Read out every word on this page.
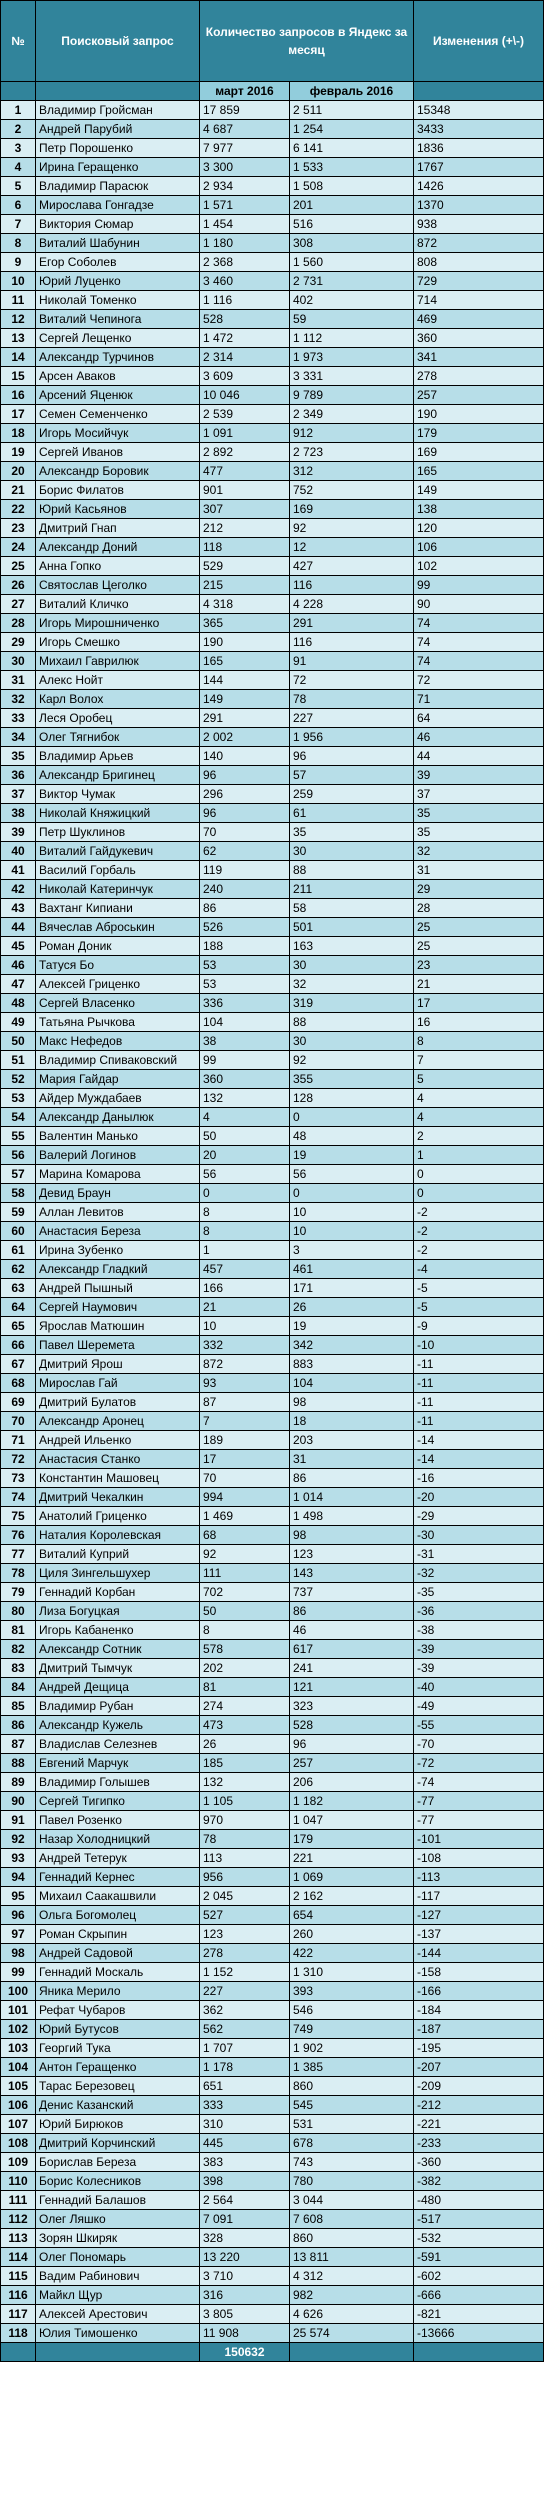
№	Поисковый запрос	Количество запросов в Яндекс за месяц		Изменения (+\-)
		март 2016	февраль 2016	
1	Владимир Гройсман	17 859	2 511	15348
2	Андрей Парубий	4 687	1 254	3433
3	Петр Порошенко	7 977	6 141	1836
4	Ирина Геращенко	3 300	1 533	1767
5	Владимир Парасюк	2 934	1 508	1426
6	Мирослава Гонгадзе	1 571	201	1370
7	Виктория Сюмар	1 454	516	938
8	Виталий Шабунин	1 180	308	872
9	Егор Соболев	2 368	1 560	808
10	Юрий Луценко	3 460	2 731	729
11	Николай Томенко	1 116	402	714
12	Виталий Чепинога	528	59	469
13	Сергей Лещенко	1 472	1 112	360
14	Александр Турчинов	2 314	1 973	341
15	Арсен Аваков	3 609	3 331	278
16	Арсений Яценюк	10 046	9 789	257
17	Семен Семенченко	2 539	2 349	190
18	Игорь Мосийчук	1 091	912	179
19	Сергей Иванов	2 892	2 723	169
20	Александр Боровик	477	312	165
21	Борис Филатов	901	752	149
22	Юрий Касьянов	307	169	138
23	Дмитрий Гнап	212	92	120
24	Александр Доний	118	12	106
25	Анна Гопко	529	427	102
26	Святослав Цеголко	215	116	99
27	Виталий Кличко	4 318	4 228	90
28	Игорь Мирошниченко	365	291	74
29	Игорь Смешко	190	116	74
30	Михаил Гаврилюк	165	91	74
31	Алекс Нойт	144	72	72
32	Карл Волох	149	78	71
33	Леся Оробец	291	227	64
34	Олег Тягнибок	2 002	1 956	46
35	Владимир Арьев	140	96	44
36	Александр Бригинец	96	57	39
37	Виктор Чумак	296	259	37
38	Николай Княжицкий	96	61	35
39	Петр Шуклинов	70	35	35
40	Виталий Гайдукевич	62	30	32
41	Василий Горбаль	119	88	31
42	Николай Катеринчук	240	211	29
43	Вахтанг Кипиани	86	58	28
44	Вячеслав Аброськин	526	501	25
45	Роман Доник	188	163	25
46	Татуся Бо	53	30	23
47	Алексей Гриценко	53	32	21
48	Сергей Власенко	336	319	17
49	Татьяна Рычкова	104	88	16
50	Макс Нефедов	38	30	8
51	Владимир Спиваковский	99	92	7
52	Мария Гайдар	360	355	5
53	Айдер Муждабаев	132	128	4
54	Александр Данылюк	4	0	4
55	Валентин Манько	50	48	2
56	Валерий Логинов	20	19	1
57	Марина Комарова	56	56	0
58	Девид Браун	0	0	0
59	Аллан Левитов	8	10	-2
60	Анастасия Береза	8	10	-2
61	Ирина Зубенко	1	3	-2
62	Александр Гладкий	457	461	-4
63	Андрей Пышный	166	171	-5
64	Сергей Наумович	21	26	-5
65	Ярослав Матюшин	10	19	-9
66	Павел Шеремета	332	342	-10
67	Дмитрий Ярош	872	883	-11
68	Мирослав Гай	93	104	-11
69	Дмитрий Булатов	87	98	-11
70	Александр Аронец	7	18	-11
71	Андрей Ильенко	189	203	-14
72	Анастасия Станко	17	31	-14
73	Константин Машовец	70	86	-16
74	Дмитрий Чекалкин	994	1 014	-20
75	Анатолий Гриценко	1 469	1 498	-29
76	Наталия Королевская	68	98	-30
77	Виталий Куприй	92	123	-31
78	Циля Зингельшухер	111	143	-32
79	Геннадий Корбан	702	737	-35
80	Лиза Богуцкая	50	86	-36
81	Игорь Кабаненко	8	46	-38
82	Александр Сотник	578	617	-39
83	Дмитрий Тымчук	202	241	-39
84	Андрей Дещица	81	121	-40
85	Владимир Рубан	274	323	-49
86	Александр Кужель	473	528	-55
87	Владислав Селезнев	26	96	-70
88	Евгений Марчук	185	257	-72
89	Владимир Голышев	132	206	-74
90	Сергей Тигипко	1 105	1 182	-77
91	Павел Розенко	970	1 047	-77
92	Назар Холодницкий	78	179	-101
93	Андрей Тетерук	113	221	-108
94	Геннадий Кернес	956	1 069	-113
95	Михаил Саакашвили	2 045	2 162	-117
96	Ольга Богомолец	527	654	-127
97	Роман Скрыпин	123	260	-137
98	Андрей Садовой	278	422	-144
99	Геннадий Москаль	1 152	1 310	-158
100	Яника Мерило	227	393	-166
101	Рефат Чубаров	362	546	-184
102	Юрий Бутусов	562	749	-187
103	Георгий Тука	1 707	1 902	-195
104	Антон Геращенко	1 178	1 385	-207
105	Тарас Березовец	651	860	-209
106	Денис Казанский	333	545	-212
107	Юрий Бирюков	310	531	-221
108	Дмитрий Корчинский	445	678	-233
109	Борислав Береза	383	743	-360
110	Борис Колесников	398	780	-382
111	Геннадий Балашов	2 564	3 044	-480
112	Олег Ляшко	7 091	7 608	-517
113	Зорян Шкиряк	328	860	-532
114	Олег Пономарь	13 220	13 811	-591
115	Вадим Рабинович	3 710	4 312	-602
116	Майкл Щур	316	982	-666
117	Алексей Арестович	3 805	4 626	-821
118	Юлия Тимошенко	11 908	25 574	-13666
		150632		
